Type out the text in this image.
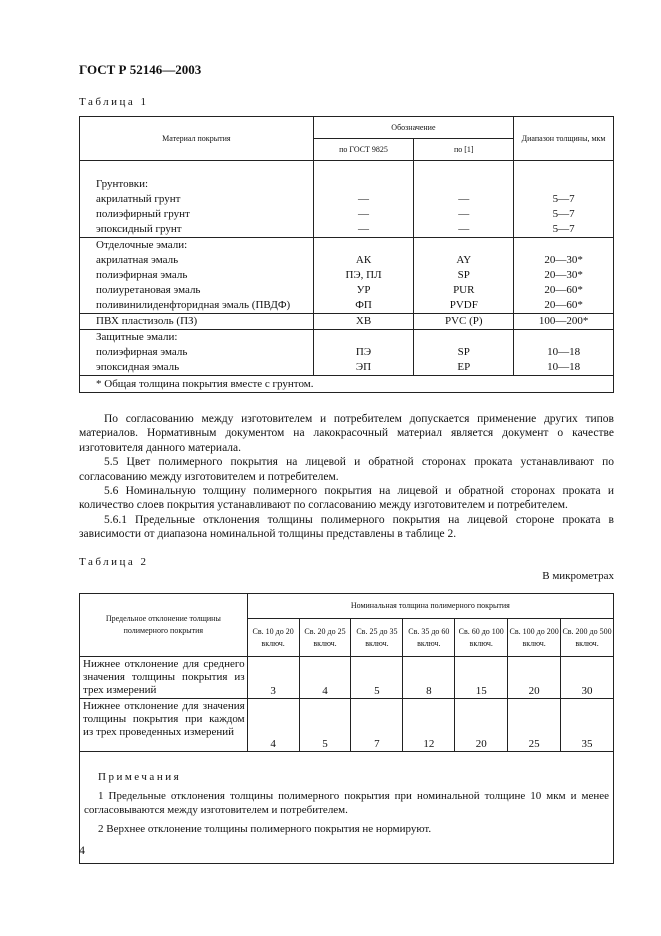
ГОСТ Р 52146—2003
Таблица 1
Материал покрытия	Обозначение		Диапазон толщины, мкм
	по ГОСТ 9825	по [1]	

Грунтовки:			
акрилатный грунт	—	—	5—7
полиэфирный грунт	—	—	5—7
эпоксидный грунт	—	—	5—7
Отделочные эмали:			
акрилатная эмаль	АК	AY	20—30*
полиэфирная эмаль	ПЭ, ПЛ	SP	20—30*
полиуретановая эмаль	УР	PUR	20—60*
поливинилиденфторидная эмаль (ПВДФ)	ФП	PVDF	20—60*
ПВХ пластизоль (ПЗ)	ХВ	PVC (P)	100—200*
Защитные эмали:			
полиэфирная эмаль	ПЭ	SP	10—18
эпоксидная эмаль	ЭП	EP	10—18
* Общая толщина покрытия вместе с грунтом.			

По согласованию между изготовителем и потребителем допускается применение других типов материалов. Нормативным документом на лакокрасочный материал является документ о качестве изготовителя данного материала.

5.5 Цвет полимерного покрытия на лицевой и обратной сторонах проката устанавливают по согласованию между изготовителем и потребителем.

5.6 Номинальную толщину полимерного покрытия на лицевой и обратной сторонах проката и количество слоев покрытия устанавливают по согласованию между изготовителем и потребителем.

5.6.1 Предельные отклонения толщины полимерного покрытия на лицевой стороне проката в зависимости от диапазона номинальной толщины представлены в таблице 2.

Таблица 2
В микрометрах
Предельное отклонение толщины полимерного покрытия	Номинальная толщина полимерного покрытия						
	Св. 10 до 20 включ.	Св. 20 до 25 включ.	Св. 25 до 35 включ.	Св. 35 до 60 включ.	Св. 60 до 100 включ.	Св. 100 до 200 включ.	Св. 200 до 500 включ.
Нижнее отклонение для среднего значения толщины покрытия из трех измерений	3	4	5	8	15	20	30
Нижнее отклонение для значения толщины покрытия при каждом из трех проведенных измерений	4	5	7	12	20	25	35

Примечания
1 Предельные отклонения толщины полимерного покрытия при номинальной толщине 10 мкм и менее согласовываются между изготовителем и потребителем.
2 Верхнее отклонение толщины полимерного покрытия не нормируют.							
4
